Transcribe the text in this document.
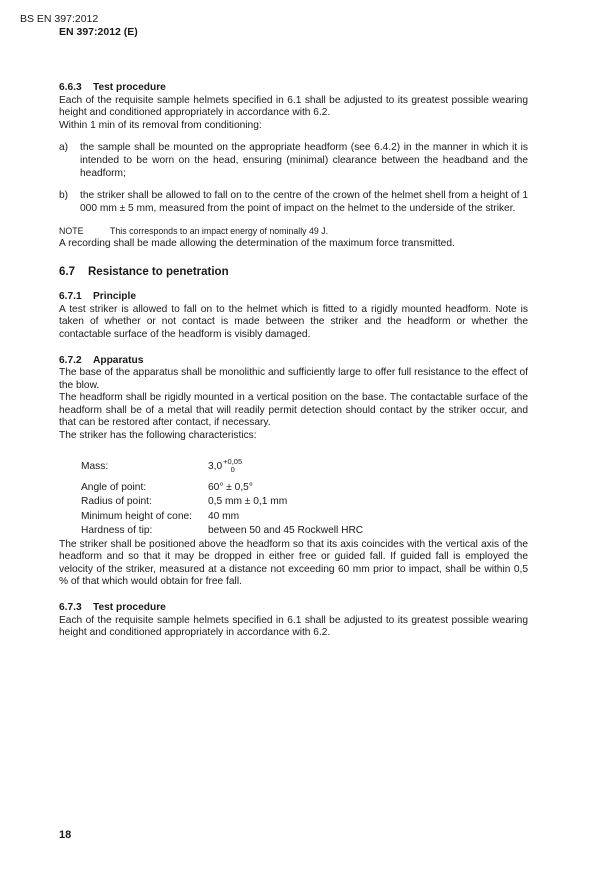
BS EN 397:2012
EN 397:2012 (E)
6.6.3 Test procedure

Each of the requisite sample helmets specified in 6.1 shall be adjusted to its greatest possible wearing height and conditioned appropriately in accordance with 6.2.

Within 1 min of its removal from conditioning:

a)	the sample shall be mounted on the appropriate headform (see 6.4.2) in the manner in which it is intended to be worn on the head, ensuring (minimal) clearance between the headband and the headform;
b)	the striker shall be allowed to fall on to the centre of the crown of the helmet shell from a height of 1 000 mm ± 5 mm, measured from the point of impact on the helmet to the underside of the striker.
NOTE	This corresponds to an impact energy of nominally 49 J.

A recording shall be made allowing the determination of the maximum force transmitted.

6.7 Resistance to penetration
6.7.1 Principle

A test striker is allowed to fall on to the helmet which is fitted to a rigidly mounted headform. Note is taken of whether or not contact is made between the striker and the headform or whether the contactable surface of the headform is visibly damaged.

6.7.2 Apparatus

The base of the apparatus shall be monolithic and sufficiently large to offer full resistance to the effect of the blow.

The headform shall be rigidly mounted in a vertical position on the base. The contactable surface of the headform shall be of a metal that will readily permit detection should contact by the striker occur, and that can be restored after contact, if necessary.

The striker has the following characteristics:

Mass:	3,0
+0,05
0
Angle of point:	60° ± 0,5°
Radius of point:	0,5 mm ± 0,1 mm
Minimum height of cone:	40 mm
Hardness of tip:	between 50 and 45 Rockwell HRC

The striker shall be positioned above the headform so that its axis coincides with the vertical axis of the headform and so that it may be dropped in either free or guided fall. If guided fall is employed the velocity of the striker, measured at a distance not exceeding 60 mm prior to impact, shall be within 0,5 % of that which would obtain for free fall.

6.7.3 Test procedure

Each of the requisite sample helmets specified in 6.1 shall be adjusted to its greatest possible wearing height and conditioned appropriately in accordance with 6.2.

18
